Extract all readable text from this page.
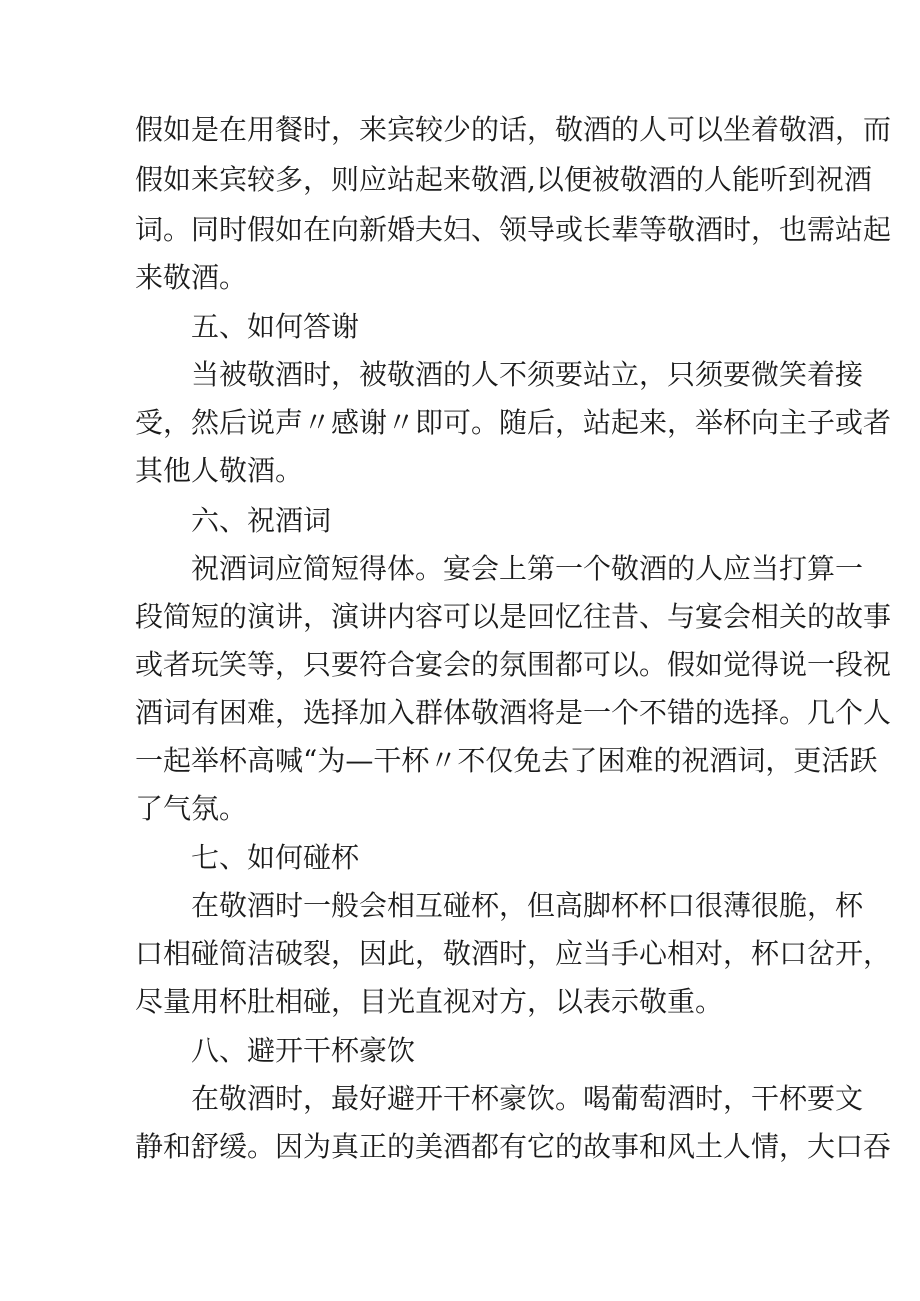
假如是在用餐时，来宾较少的话，敬酒的人可以坐着敬酒，而
假如来宾较多，则应站起来敬酒,以便被敬酒的人能听到祝酒
词。同时假如在向新婚夫妇、领导或长辈等敬酒时，也需站起
来敬酒。
五、如何答谢
当被敬酒时，被敬酒的人不须要站立，只须要微笑着接
受，然后说声〃感谢〃即可。随后，站起来，举杯向主子或者
其他人敬酒。
六、祝酒词
祝酒词应简短得体。宴会上第一个敬酒的人应当打算一
段简短的演讲，演讲内容可以是回忆往昔、与宴会相关的故事
或者玩笑等，只要符合宴会的氛围都可以。假如觉得说一段祝
酒词有困难，选择加入群体敬酒将是一个不错的选择。几个人
一起举杯高喊“为—干杯〃不仅免去了困难的祝酒词，更活跃
了气氛。
七、如何碰杯
在敬酒时一般会相互碰杯，但高脚杯杯口很薄很脆，杯
口相碰简洁破裂，因此，敬酒时，应当手心相对，杯口岔开，
尽量用杯肚相碰，目光直视对方，以表示敬重。
八、避开干杯豪饮
在敬酒时，最好避开干杯豪饮。喝葡萄酒时，干杯要文
静和舒缓。因为真正的美酒都有它的故事和风土人情，大口吞
